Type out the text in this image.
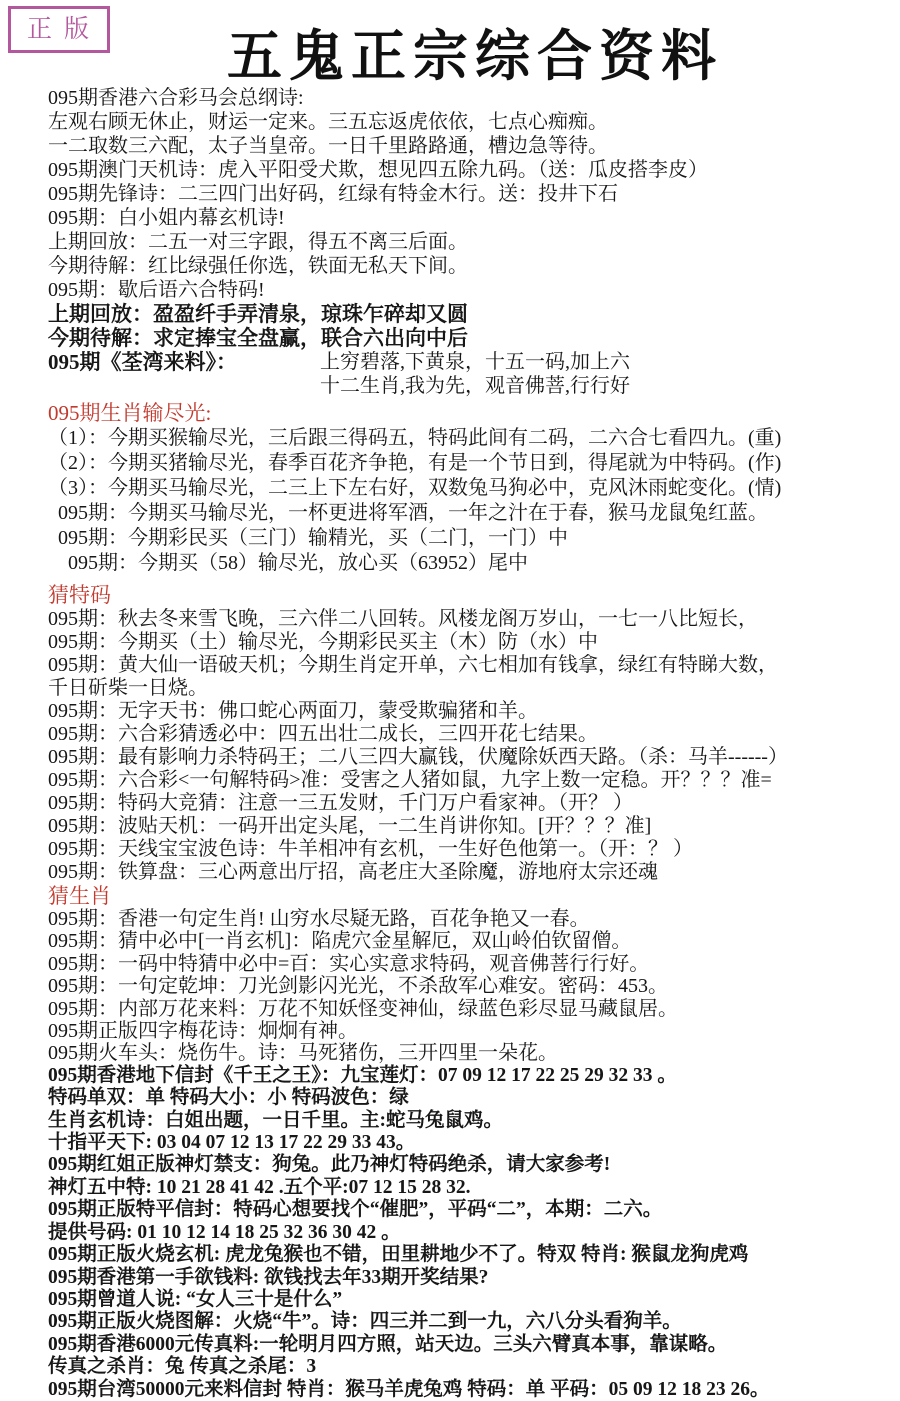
正版	五鬼正宗综合资料
095期香港六合彩马会总纲诗:
左观右顾无休止，财运一定来。三五忘返虎依依，七点心痴痴。
一二取数三六配，太子当皇帝。一日千里路路通，槽边急等待。
095期澳门天机诗：虎入平阳受犬欺，想见四五除九码。（送：瓜皮搭李皮）
095期先锋诗：二三四门出好码，红绿有特金木行。送：投井下石
095期：白小姐内幕玄机诗!
上期回放：二五一对三字跟，得五不离三后面。
今期待解：红比绿强任你选，铁面无私天下间。
095期：歇后语六合特码!
上期回放：盈盈纤手弄清泉，琼珠乍碎却又圆
今期待解：求定捧宝全盘赢，联合六出向中后
095期《荃湾来料》：	上穷碧落,下黄泉，十五一码,加上六
十二生肖,我为先，观音佛菩,行行好
095期生肖输尽光:
（1）：今期买猴输尽光，三后跟三得码五，特码此间有二码，二六合七看四九。(重)
（2）：今期买猪输尽光，春季百花齐争艳，有是一个节日到，得尾就为中特码。(作)
（3）：今期买马输尽光，二三上下左右好，双数兔马狗必中，克风沐雨蛇变化。(情)
095期：今期买马输尽光，一杯更进将军酒，一年之汁在于春，猴马龙鼠兔红蓝。
095期：今期彩民买（三门）输精光，买（二门，一门）中
095期：今期买（58）输尽光，放心买（63952）尾中
猜特码
095期：秋去冬来雪飞晚，三六伴二八回转。风楼龙阁万岁山，一七一八比短长，
095期：今期买（土）输尽光，今期彩民买主（木）防（水）中
095期：黄大仙一语破天机；今期生肖定开单，六七相加有钱拿，绿红有特睇大数，
千日斫柴一日烧。
095期：无字天书：佛口蛇心两面刀，蒙受欺骗猪和羊。
095期：六合彩猜透必中：四五出壮二成长，三四开花七结果。
095期：最有影响力杀特码王；二八三四大赢钱，伏魔除妖西天路。（杀：马羊------）
095期：六合彩<一句解特码>准：受害之人猪如鼠，九字上数一定稳。开？？？准=
095期：特码大竞猜：注意一三五发财，千门万户看家神。（开？ ）
095期：波贴天机：一码开出定头尾，一二生肖讲你知。[开？？？准]
095期：天线宝宝波色诗：牛羊相冲有玄机，一生好色他第一。（开：？ ）
095期：铁算盘：三心两意出厅招，高老庄大圣除魔，游地府太宗还魂
猜生肖
095期：香港一句定生肖! 山穷水尽疑无路，百花争艳又一春。
095期：猜中必中[一肖玄机]：陷虎穴金星解厄，双山岭伯钦留僧。
095期：一码中特猜中必中=百：实心实意求特码，观音佛菩行行好。
095期：一句定乾坤：刀光剑影闪光光，不杀敌军心难安。密码：453。
095期：内部万花来料：万花不知妖怪变神仙，绿蓝色彩尽显马藏鼠居。
095期正版四字梅花诗：炯炯有神。
095期火车头：烧伤牛。诗：马死猪伤，三开四里一朵花。
095期香港地下信封《千王之王》：九宝莲灯：07 09 12 17 22 25 29 32 33 。
特码单双：单 特码大小：小 特码波色：绿
生肖玄机诗：白姐出题，一日千里。主:蛇马兔鼠鸡。
十指平天下: 03 04 07 12 13 17 22 29 33 43。
095期红姐正版神灯禁支：狗兔。此乃神灯特码绝杀，请大家参考!
神灯五中特: 10 21 28 41 42 .五个平:07 12 15 28 32.
095期正版特平信封：特码心想要找个“催肥”，平码“二”，本期：二六。
提供号码: 01 10 12 14 18 25 32 36 30 42 。
095期正版火烧玄机: 虎龙兔猴也不错，田里耕地少不了。特双 特肖: 猴鼠龙狗虎鸡
095期香港第一手欲钱料: 欲钱找去年33期开奖结果?
095期曾道人说: “女人三十是什么”
095期正版火烧图解：火烧“牛”。诗：四三并二到一九，六八分头看狗羊。
095期香港6000元传真料:一轮明月四方照，站天边。三头六臂真本事，靠谋略。
传真之杀肖：兔 传真之杀尾：3
095期台湾50000元来料信封 特肖：猴马羊虎兔鸡 特码：单 平码：05 09 12 18 23 26。
